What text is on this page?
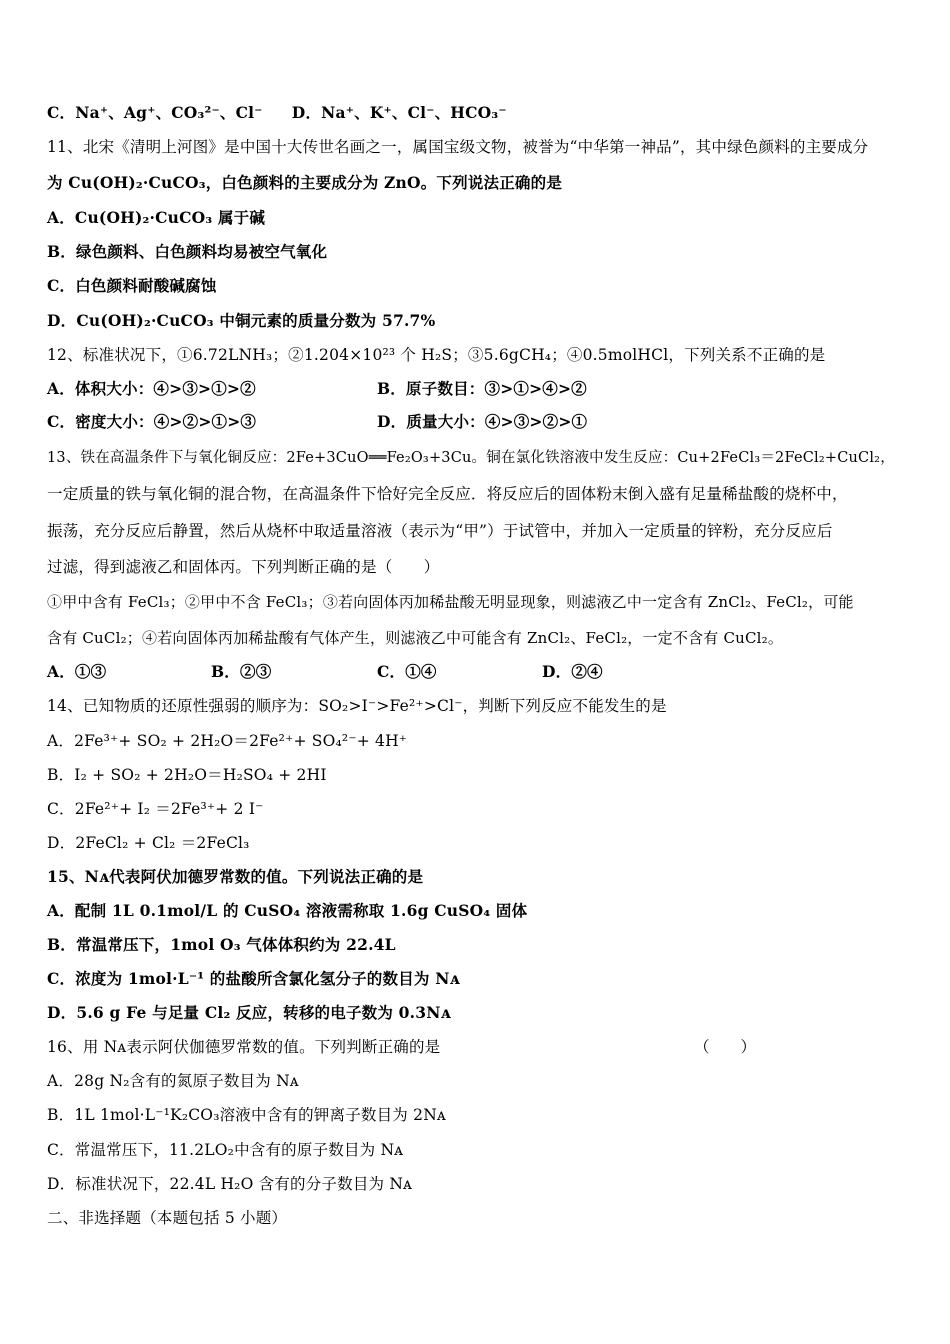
C．Na⁺、Ag⁺、CO₃²⁻、Cl⁻ D．Na⁺、K⁺、Cl⁻、HCO₃⁻
11、北宋《清明上河图》是中国十大传世名画之一，属国宝级文物，被誉为“中华第一神品”，其中绿色颜料的主要成分
为 Cu(OH)₂·CuCO₃，白色颜料的主要成分为 ZnO。下列说法正确的是
A．Cu(OH)₂·CuCO₃ 属于碱
B．绿色颜料、白色颜料均易被空气氧化
C．白色颜料耐酸碱腐蚀
D．Cu(OH)₂·CuCO₃ 中铜元素的质量分数为 57.7%
12、标准状况下，①6.72LNH₃；②1.204×10²³ 个 H₂S；③5.6gCH₄；④0.5molHCl，下列关系不正确的是
A．体积大小：④>③>①>②	B．原子数目：③>①>④>②
C．密度大小：④>②>①>③	D．质量大小：④>③>②>①
13、铁在高温条件下与氧化铜反应：2Fe+3CuO══Fe₂O₃+3Cu。铜在氯化铁溶液中发生反应：Cu+2FeCl₃＝2FeCl₂+CuCl₂，
一定质量的铁与氧化铜的混合物，在高温条件下恰好完全反应．将反应后的固体粉末倒入盛有足量稀盐酸的烧杯中，
振荡，充分反应后静置，然后从烧杯中取适量溶液（表示为“甲”）于试管中，并加入一定质量的锌粉，充分反应后
过滤，得到滤液乙和固体丙。下列判断正确的是（　　）
①甲中含有 FeCl₃；②甲中不含 FeCl₃；③若向固体丙加稀盐酸无明显现象，则滤液乙中一定含有 ZnCl₂、FeCl₂，可能
含有 CuCl₂；④若向固体丙加稀盐酸有气体产生，则滤液乙中可能含有 ZnCl₂、FeCl₂，一定不含有 CuCl₂。
A．①③	B．②③	C．①④	D．②④
14、已知物质的还原性强弱的顺序为：SO₂>I⁻>Fe²⁺>Cl⁻，判断下列反应不能发生的是
A．2Fe³⁺+ SO₂ + 2H₂O＝2Fe²⁺+ SO₄²⁻+ 4H⁺
B．I₂ + SO₂ + 2H₂O＝H₂SO₄ + 2HI
C．2Fe²⁺+ I₂ ＝2Fe³⁺+ 2 I⁻
D．2FeCl₂ + Cl₂ ＝2FeCl₃
15、Nᴀ代表阿伏加德罗常数的值。下列说法正确的是
A．配制 1L 0.1mol/L 的 CuSO₄ 溶液需称取 1.6g CuSO₄ 固体
B．常温常压下，1mol O₃ 气体体积约为 22.4L
C．浓度为 1mol·L⁻¹ 的盐酸所含氯化氢分子的数目为 Nᴀ
D．5.6 g Fe 与足量 Cl₂ 反应，转移的电子数为 0.3Nᴀ
16、用 Nᴀ表示阿伏伽德罗常数的值。下列判断正确的是	（　　）
A．28g N₂含有的氮原子数目为 Nᴀ
B．1L 1mol·L⁻¹K₂CO₃溶液中含有的钾离子数目为 2Nᴀ
C．常温常压下，11.2LO₂中含有的原子数目为 Nᴀ
D．标准状况下，22.4L H₂O 含有的分子数目为 Nᴀ
二、非选择题（本题包括 5 小题）
